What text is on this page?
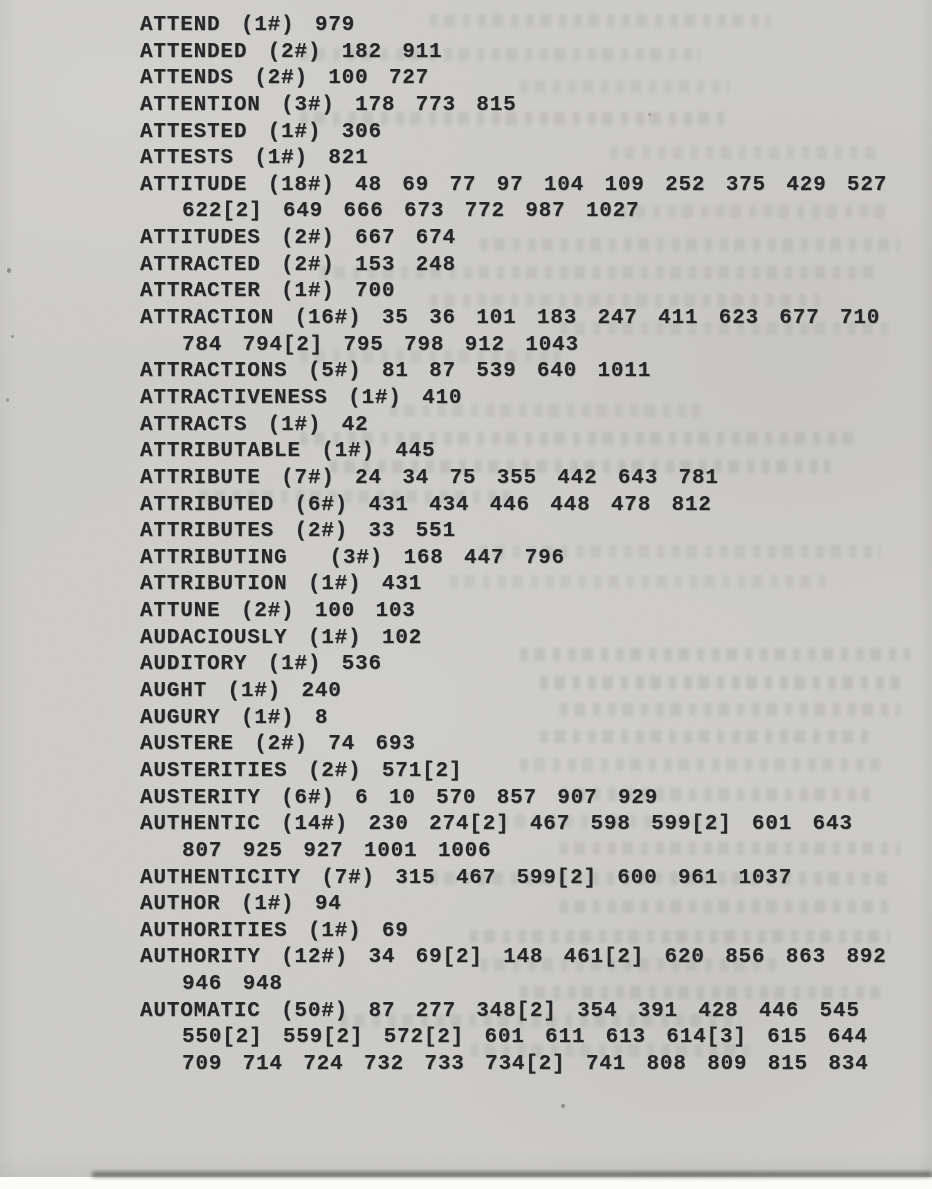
ATTEND (1#) 979
ATTENDED (2#) 182 911
ATTENDS (2#) 100 727
ATTENTION (3#) 178 773 815
ATTESTED (1#) 306
ATTESTS (1#) 821
ATTITUDE (18#) 48 69 77 97 104 109 252 375 429 527
622[2] 649 666 673 772 987 1027
ATTITUDES (2#) 667 674
ATTRACTED (2#) 153 248
ATTRACTER (1#) 700
ATTRACTION (16#) 35 36 101 183 247 411 623 677 710
784 794[2] 795 798 912 1043
ATTRACTIONS (5#) 81 87 539 640 1011
ATTRACTIVENESS (1#) 410
ATTRACTS (1#) 42
ATTRIBUTABLE (1#) 445
ATTRIBUTE (7#) 24 34 75 355 442 643 781
ATTRIBUTED (6#) 431 434 446 448 478 812
ATTRIBUTES (2#) 33 551
ATTRIBUTING (3#) 168 447 796
ATTRIBUTION (1#) 431
ATTUNE (2#) 100 103
AUDACIOUSLY (1#) 102
AUDITORY (1#) 536
AUGHT (1#) 240
AUGURY (1#) 8
AUSTERE (2#) 74 693
AUSTERITIES (2#) 571[2]
AUSTERITY (6#) 6 10 570 857 907 929
AUTHENTIC (14#) 230 274[2] 467 598 599[2] 601 643
807 925 927 1001 1006
AUTHENTICITY (7#) 315 467 599[2] 600 961 1037
AUTHOR (1#) 94
AUTHORITIES (1#) 69
AUTHORITY (12#) 34 69[2] 148 461[2] 620 856 863 892
946 948
AUTOMATIC (50#) 87 277 348[2] 354 391 428 446 545
550[2] 559[2] 572[2] 601 611 613 614[3] 615 644
709 714 724 732 733 734[2] 741 808 809 815 834
